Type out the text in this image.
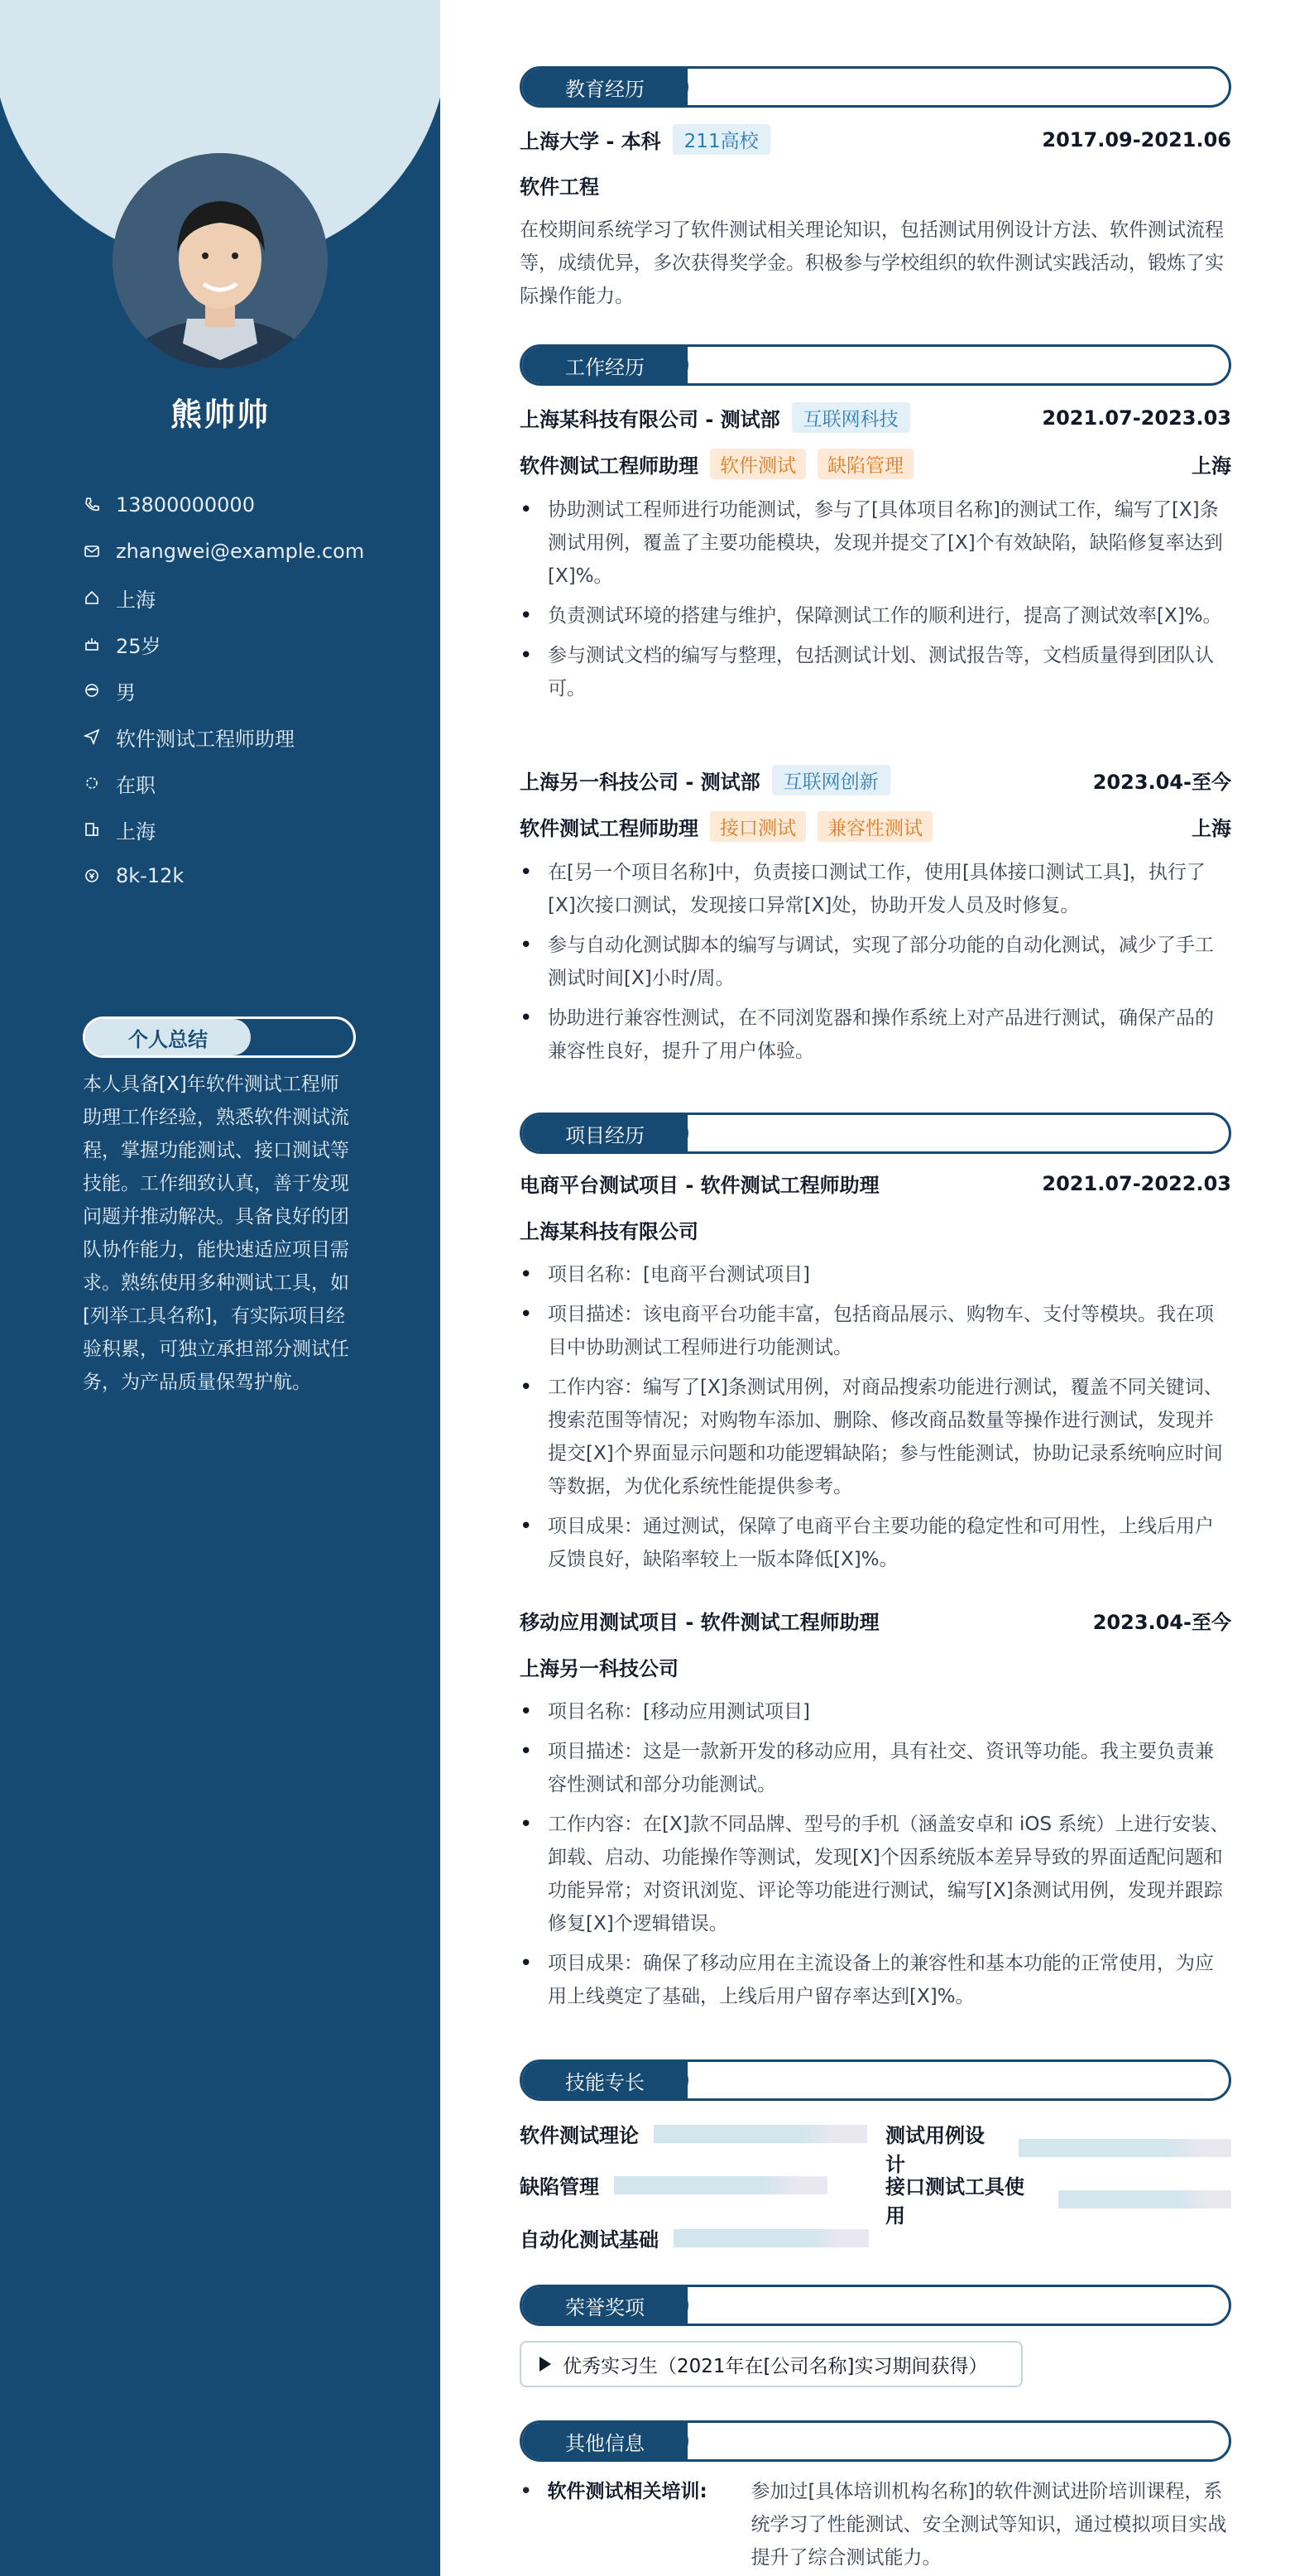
熊帅帅
13800000000
zhangwei@example.com
上海
25岁
男
软件测试工程师助理
在职
上海
8k-12k
个人总结
本人具备[X]年软件测试工程师助理工作经验，熟悉软件测试流程，掌握功能测试、接口测试等技能。工作细致认真，善于发现问题并推动解决。具备良好的团队协作能力，能快速适应项目需求。熟练使用多种测试工具，如[列举工具名称]，有实际项目经验积累，可独立承担部分测试任务，为产品质量保驾护航。
教育经历
上海大学 - 本科	211高校	2017.09-2021.06
软件工程
在校期间系统学习了软件测试相关理论知识，包括测试用例设计方法、软件测试流程等，成绩优异，多次获得奖学金。积极参与学校组织的软件测试实践活动，锻炼了实际操作能力。
工作经历
上海某科技有限公司 - 测试部	互联网科技	2021.07-2023.03
软件测试工程师助理	软件测试	缺陷管理	上海
• 协助测试工程师进行功能测试，参与了[具体项目名称]的测试工作，编写了[X]条测试用例，覆盖了主要功能模块，发现并提交了[X]个有效缺陷，缺陷修复率达到[X]%。
• 负责测试环境的搭建与维护，保障测试工作的顺利进行，提高了测试效率[X]%。
• 参与测试文档的编写与整理，包括测试计划、测试报告等，文档质量得到团队认可。
上海另一科技公司 - 测试部	互联网创新	2023.04-至今
软件测试工程师助理	接口测试	兼容性测试	上海
• 在[另一个项目名称]中，负责接口测试工作，使用[具体接口测试工具]，执行了[X]次接口测试，发现接口异常[X]处，协助开发人员及时修复。
• 参与自动化测试脚本的编写与调试，实现了部分功能的自动化测试，减少了手工测试时间[X]小时/周。
• 协助进行兼容性测试，在不同浏览器和操作系统上对产品进行测试，确保产品的兼容性良好，提升了用户体验。
项目经历
电商平台测试项目 - 软件测试工程师助理	2021.07-2022.03
上海某科技有限公司
• 项目名称：[电商平台测试项目]
• 项目描述：该电商平台功能丰富，包括商品展示、购物车、支付等模块。我在项目中协助测试工程师进行功能测试。
• 工作内容：编写了[X]条测试用例，对商品搜索功能进行测试，覆盖不同关键词、搜索范围等情况；对购物车添加、删除、修改商品数量等操作进行测试，发现并提交[X]个界面显示问题和功能逻辑缺陷；参与性能测试，协助记录系统响应时间等数据，为优化系统性能提供参考。
• 项目成果：通过测试，保障了电商平台主要功能的稳定性和可用性，上线后用户反馈良好，缺陷率较上一版本降低[X]%。
移动应用测试项目 - 软件测试工程师助理	2023.04-至今
上海另一科技公司
• 项目名称：[移动应用测试项目]
• 项目描述：这是一款新开发的移动应用，具有社交、资讯等功能。我主要负责兼容性测试和部分功能测试。
• 工作内容：在[X]款不同品牌、型号的手机（涵盖安卓和 iOS 系统）上进行安装、卸载、启动、功能操作等测试，发现[X]个因系统版本差异导致的界面适配问题和功能异常；对资讯浏览、评论等功能进行测试，编写[X]条测试用例，发现并跟踪修复[X]个逻辑错误。
• 项目成果：确保了移动应用在主流设备上的兼容性和基本功能的正常使用，为应用上线奠定了基础，上线后用户留存率达到[X]%。
技能专长
软件测试理论	测试用例设计
缺陷管理	接口测试工具使用
自动化测试基础
荣誉奖项
优秀实习生（2021年在[公司名称]实习期间获得）
其他信息
• 软件测试相关培训:	参加过[具体培训机构名称]的软件测试进阶培训课程，系统学习了性能测试、安全测试等知识，通过模拟项目实战提升了综合测试能力。
